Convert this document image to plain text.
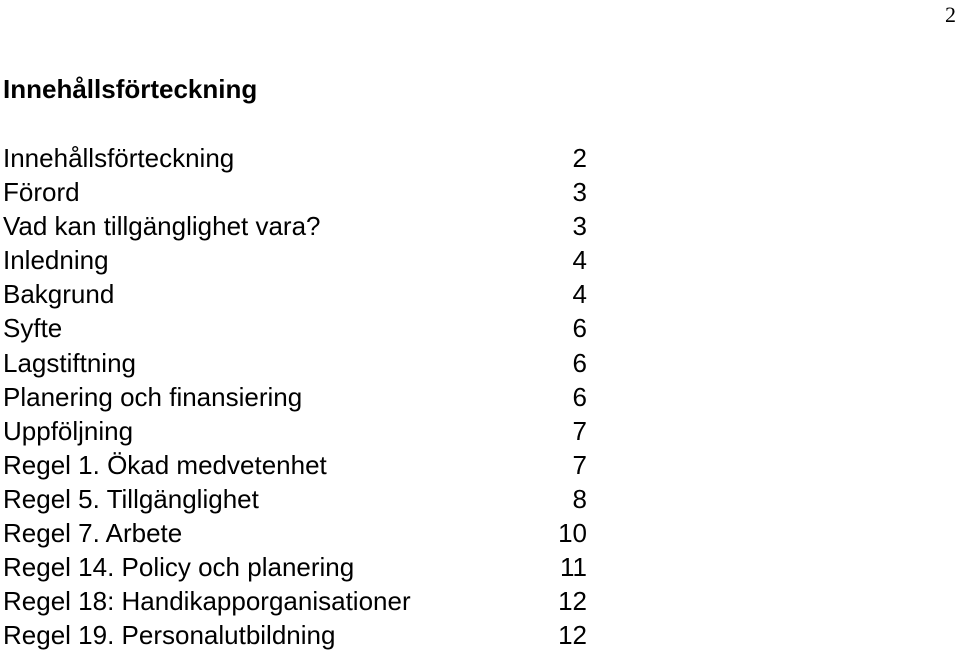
2
Innehållsförteckning
Innehållsförteckning	2
Förord	3
Vad kan tillgänglighet vara?	3
Inledning	4
Bakgrund	4
Syfte	6
Lagstiftning	6
Planering och finansiering	6
Uppföljning	7
Regel 1. Ökad medvetenhet	7
Regel 5. Tillgänglighet	8
Regel 7. Arbete	10
Regel 14. Policy och planering	11
Regel 18: Handikapporganisationer	12
Regel 19. Personalutbildning	12
